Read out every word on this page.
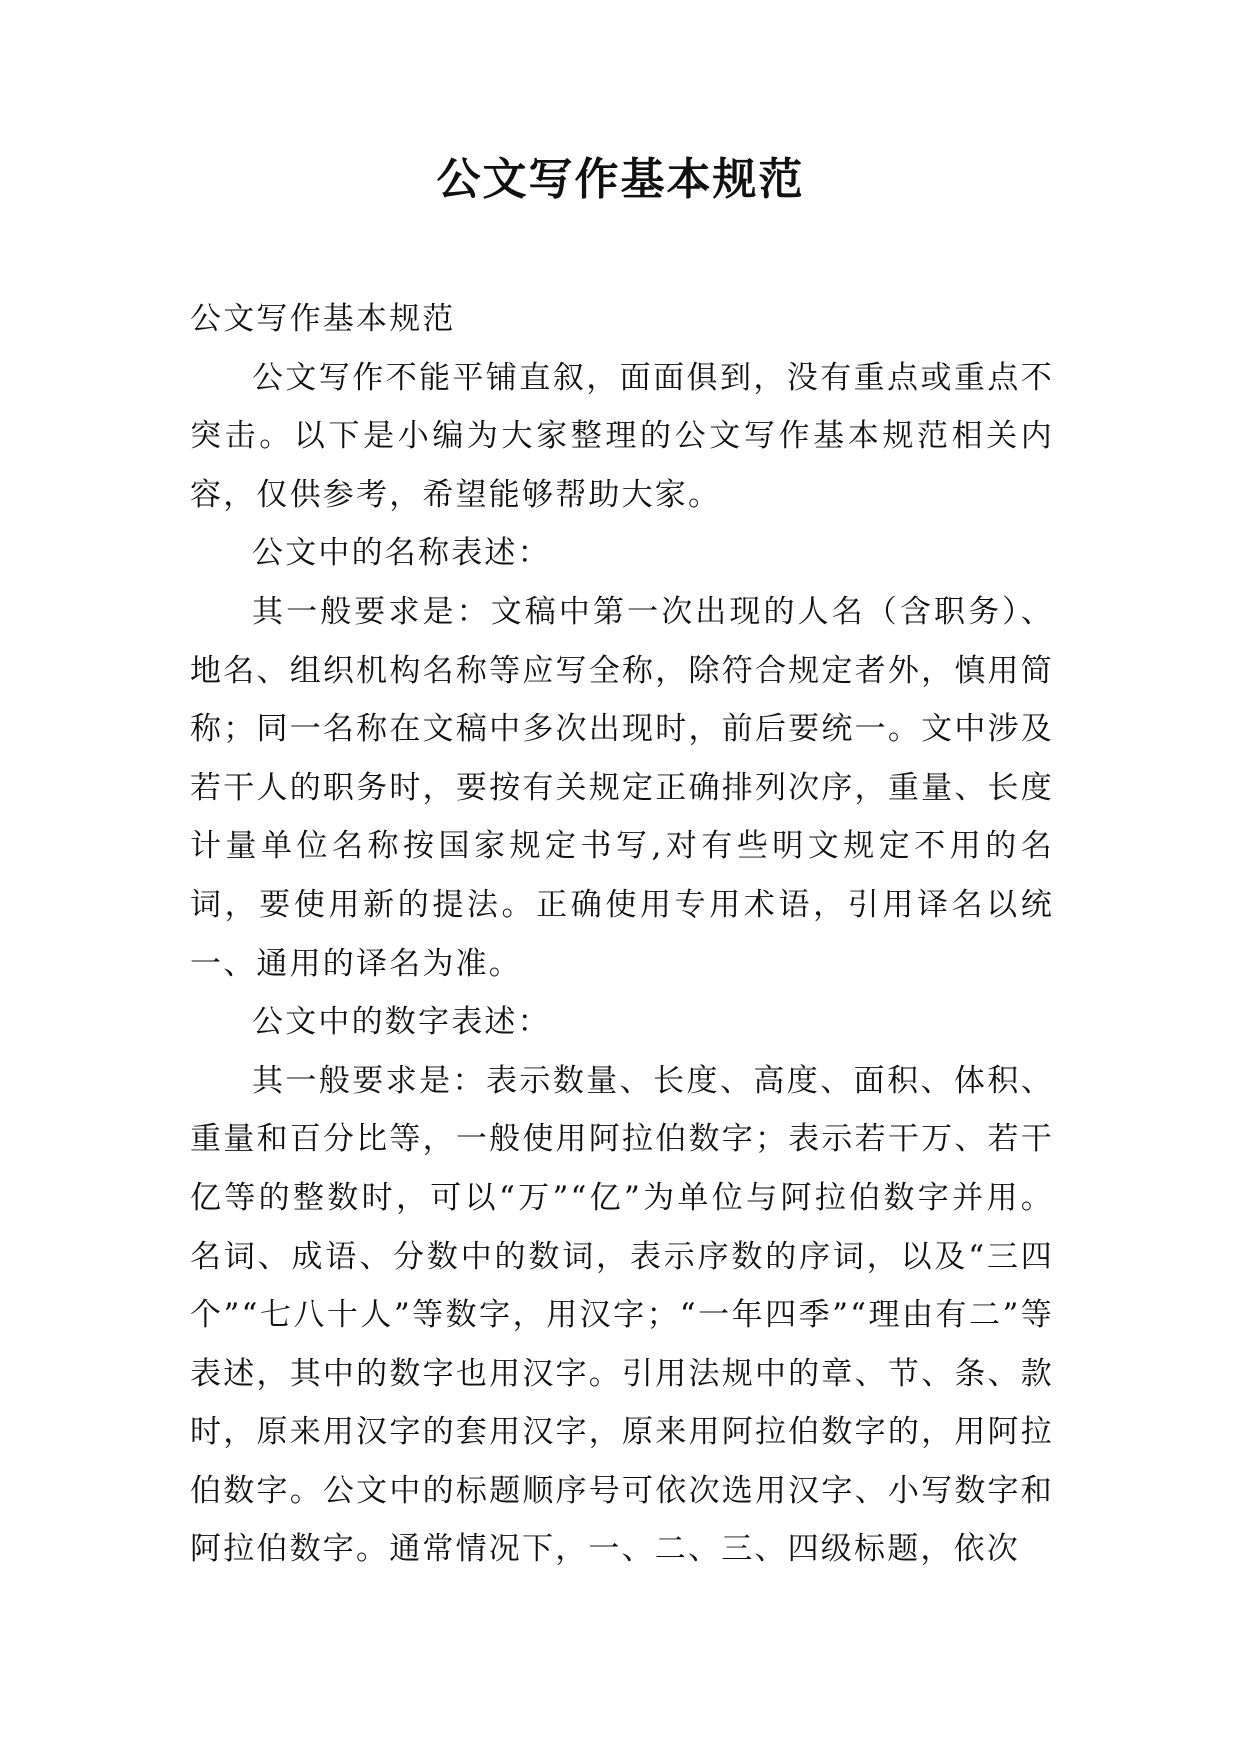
公文写作基本规范

公文写作基本规范

公文写作不能平铺直叙，面面俱到，没有重点或重点不突击。以下是小编为大家整理的公文写作基本规范相关内容，仅供参考，希望能够帮助大家。

公文中的名称表述：

其一般要求是：文稿中第一次出现的人名（含职务）、地名、组织机构名称等应写全称，除符合规定者外，慎用简称；同一名称在文稿中多次出现时，前后要统一。文中涉及若干人的职务时，要按有关规定正确排列次序，重量、长度计量单位名称按国家规定书写,对有些明文规定不用的名词，要使用新的提法。正确使用专用术语，引用译名以统一、通用的译名为准。

公文中的数字表述：

其一般要求是：表示数量、长度、高度、面积、体积、重量和百分比等，一般使用阿拉伯数字；表示若干万、若干亿等的整数时，可以“万”“亿”为单位与阿拉伯数字并用。名词、成语、分数中的数词，表示序数的序词，以及“三四个”“七八十人”等数字，用汉字；“一年四季”“理由有二”等表述，其中的数字也用汉字。引用法规中的章、节、条、款时，原来用汉字的套用汉字，原来用阿拉伯数字的，用阿拉伯数字。公文中的标题顺序号可依次选用汉字、小写数字和阿拉伯数字。通常情况下，一、二、三、四级标题，依次
